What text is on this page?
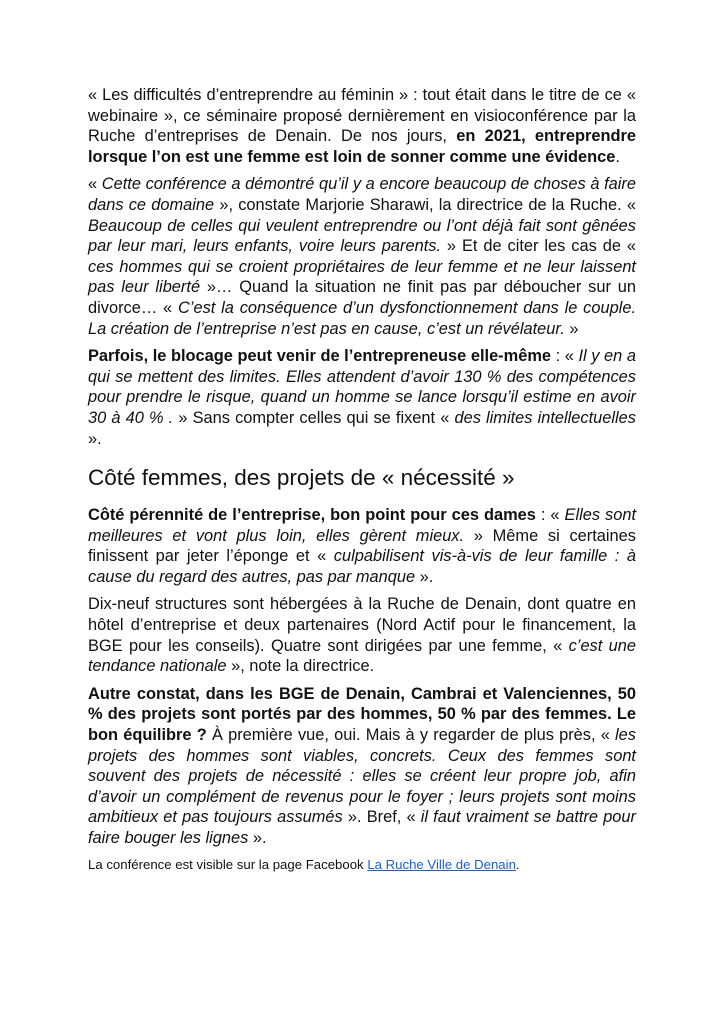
« Les difficultés d’entreprendre au féminin » : tout était dans le titre de ce « webinaire », ce séminaire proposé dernièrement en visioconférence par la Ruche d’entreprises de Denain. De nos jours, en 2021, entreprendre lorsque l’on est une femme est loin de sonner comme une évidence.

« Cette conférence a démontré qu’il y a encore beaucoup de choses à faire dans ce domaine », constate Marjorie Sharawi, la directrice de la Ruche. « Beaucoup de celles qui veulent entreprendre ou l’ont déjà fait sont gênées par leur mari, leurs enfants, voire leurs parents. » Et de citer les cas de « ces hommes qui se croient propriétaires de leur femme et ne leur laissent pas leur liberté »… Quand la situation ne finit pas par déboucher sur un divorce… « C’est la conséquence d’un dysfonctionnement dans le couple. La création de l’entreprise n’est pas en cause, c’est un révélateur. »

Parfois, le blocage peut venir de l’entrepreneuse elle-même : « Il y en a qui se mettent des limites. Elles attendent d’avoir 130 % des compétences pour prendre le risque, quand un homme se lance lorsqu’il estime en avoir 30 à 40 % . » Sans compter celles qui se fixent « des limites intellectuelles ».

Côté femmes, des projets de « nécessité »

Côté pérennité de l’entreprise, bon point pour ces dames : « Elles sont meilleures et vont plus loin, elles gèrent mieux. » Même si certaines finissent par jeter l’éponge et « culpabilisent vis-à-vis de leur famille : à cause du regard des autres, pas par manque ».

Dix-neuf structures sont hébergées à la Ruche de Denain, dont quatre en hôtel d’entreprise et deux partenaires (Nord Actif pour le financement, la BGE pour les conseils). Quatre sont dirigées par une femme, « c’est une tendance nationale », note la directrice.

Autre constat, dans les BGE de Denain, Cambrai et Valenciennes, 50 % des projets sont portés par des hommes, 50 % par des femmes. Le bon équilibre ? À première vue, oui. Mais à y regarder de plus près, « les projets des hommes sont viables, concrets. Ceux des femmes sont souvent des projets de nécessité : elles se créent leur propre job, afin d’avoir un complément de revenus pour le foyer ; leurs projets sont moins ambitieux et pas toujours assumés ». Bref, « il faut vraiment se battre pour faire bouger les lignes ».

La conférence est visible sur la page Facebook La Ruche Ville de Denain.
